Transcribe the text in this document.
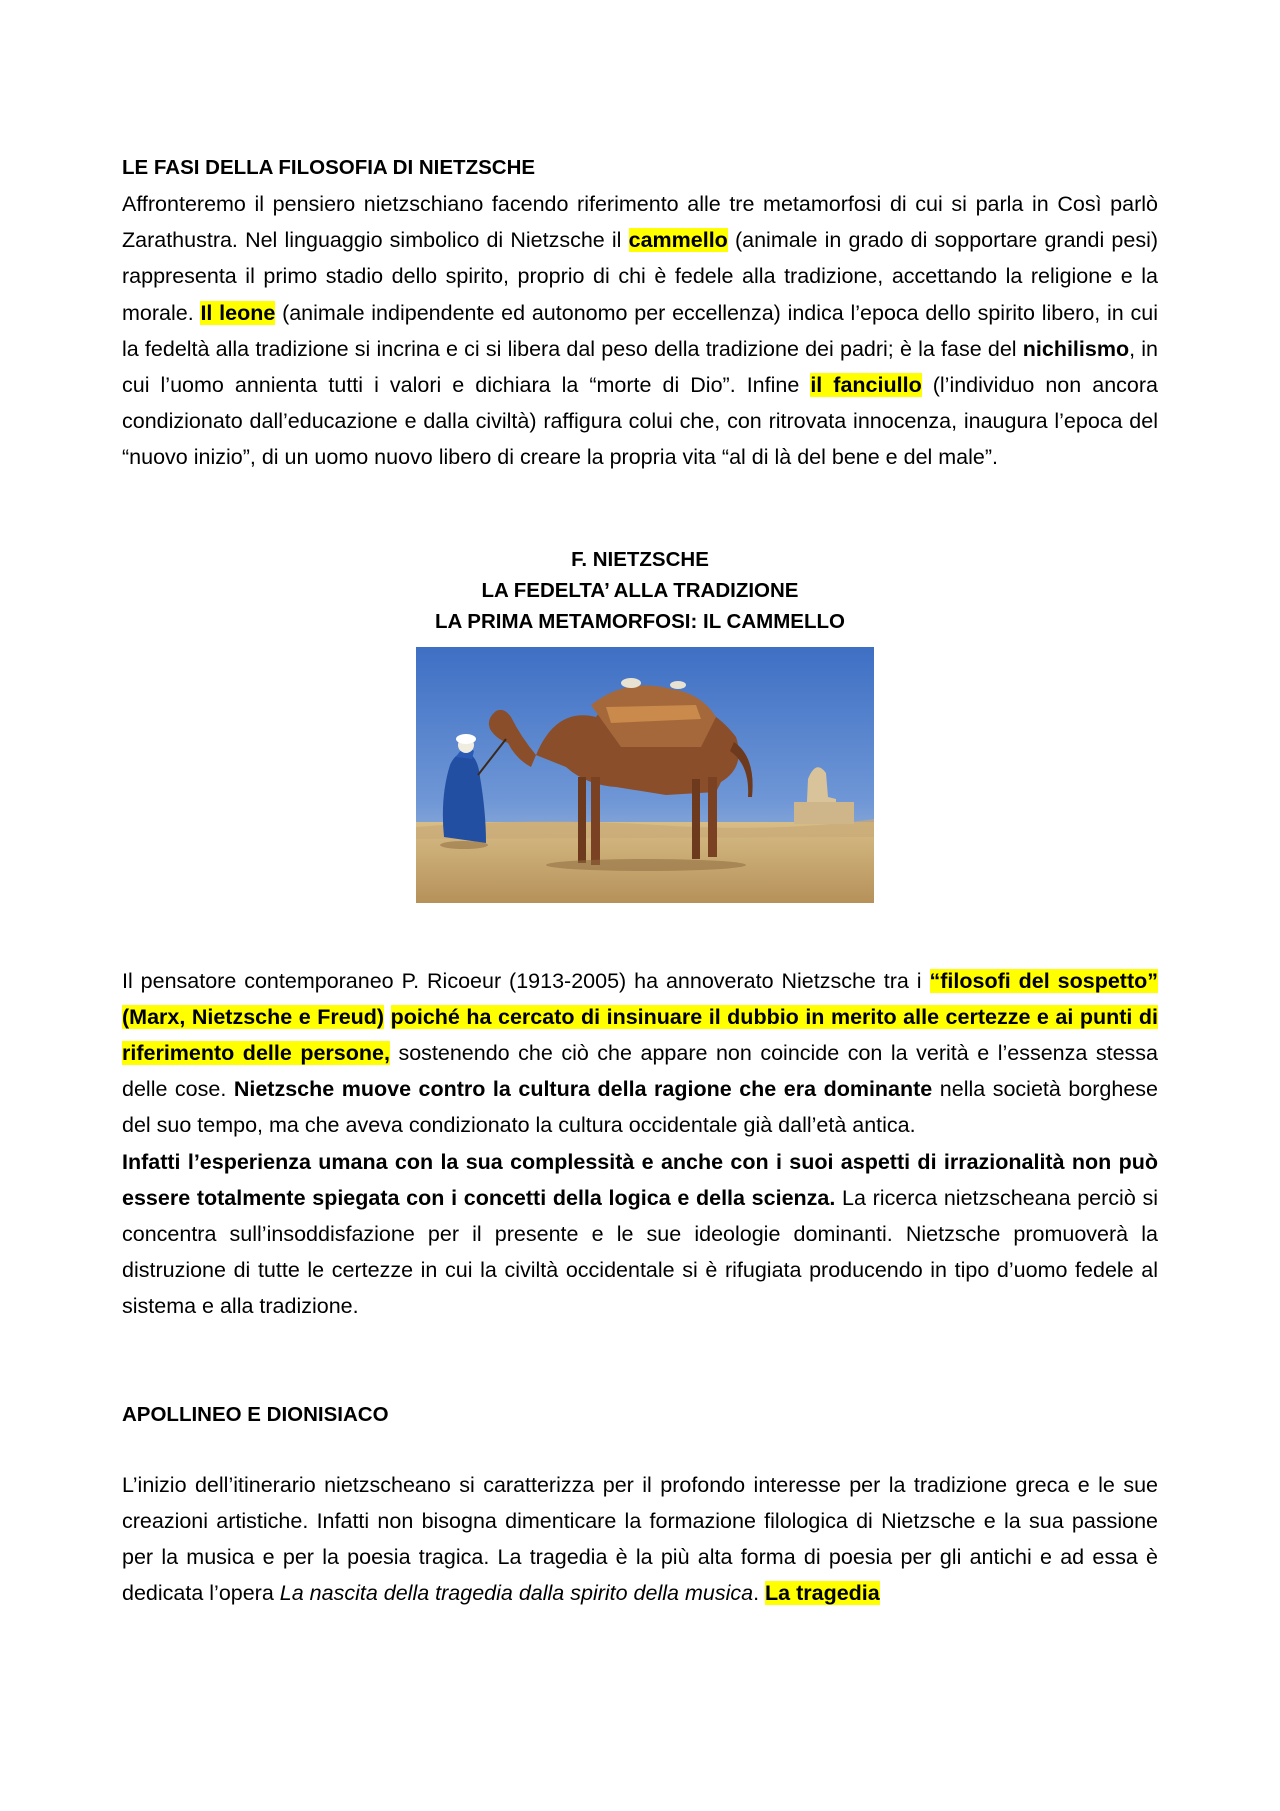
LE FASI DELLA FILOSOFIA DI NIETZSCHE

Affronteremo il pensiero nietzschiano facendo riferimento alle tre metamorfosi di cui si parla in Così parlò Zarathustra. Nel linguaggio simbolico di Nietzsche il cammello (animale in grado di sopportare grandi pesi) rappresenta il primo stadio dello spirito, proprio di chi è fedele alla tradizione, accettando la religione e la morale. Il leone (animale indipendente ed autonomo per eccellenza) indica l’epoca dello spirito libero, in cui la fedeltà alla tradizione si incrina e ci si libera dal peso della tradizione dei padri; è la fase del nichilismo, in cui l’uomo annienta tutti i valori e dichiara la “morte di Dio”. Infine il fanciullo (l’individuo non ancora condizionato dall’educazione e dalla civiltà) raffigura colui che, con ritrovata innocenza, inaugura l’epoca del “nuovo inizio”, di un uomo nuovo libero di creare la propria vita “al di là del bene e del male”.

F. NIETZSCHE
LA FEDELTA’ ALLA TRADIZIONE
LA PRIMA METAMORFOSI: IL CAMMELLO

Il pensatore contemporaneo P. Ricoeur (1913-2005) ha annoverato Nietzsche tra i “filosofi del sospetto” (Marx, Nietzsche e Freud) poiché ha cercato di insinuare il dubbio in merito alle certezze e ai punti di riferimento delle persone, sostenendo che ciò che appare non coincide con la verità e l’essenza stessa delle cose. Nietzsche muove contro la cultura della ragione che era dominante nella società borghese del suo tempo, ma che aveva condizionato la cultura occidentale già dall’età antica.

Infatti l’esperienza umana con la sua complessità e anche con i suoi aspetti di irrazionalità non può essere totalmente spiegata con i concetti della logica e della scienza. La ricerca nietzscheana perciò si concentra sull’insoddisfazione per il presente e le sue ideologie dominanti. Nietzsche promuoverà la distruzione di tutte le certezze in cui la civiltà occidentale si è rifugiata producendo in tipo d’uomo fedele al sistema e alla tradizione.

APOLLINEO E DIONISIACO

L’inizio dell’itinerario nietzscheano si caratterizza per il profondo interesse per la tradizione greca e le sue creazioni artistiche. Infatti non bisogna dimenticare la formazione filologica di Nietzsche e la sua passione per la musica e per la poesia tragica. La tragedia è la più alta forma di poesia per gli antichi e ad essa è dedicata l’opera La nascita della tragedia dalla spirito della musica. La tragedia
